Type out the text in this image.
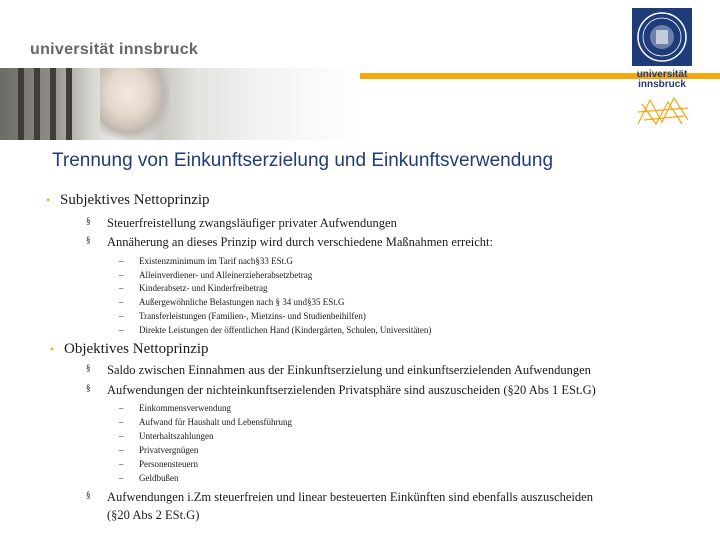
universität innsbruck
universität
innsbruck
Trennung von Einkunftserzielung und Einkunftsverwendung
• Subjektives Nettoprinzip
§ Steuerfreistellung zwangsläufiger privater Aufwendungen
§ Annäherung an dieses Prinzip wird durch verschiedene Maßnahmen erreicht:
– Existenzminimum im Tarif nach§33 ESt.G
– Alleinverdiener- und Alleinerzieherabsetzbetrag
– Kinderabsetz- und Kinderfreibetrag
– Außergewöhnliche Belastungen nach § 34 und§35 ESt.G
– Transferleistungen (Familien-, Mietzins- und Studienbeihilfen)
– Direkte Leistungen der öffentlichen Hand (Kindergärten, Schulen, Universitäten)
• Objektives Nettoprinzip
§ Saldo zwischen Einnahmen aus der Einkunftserzielung und einkunftserzielenden Aufwendungen
§ Aufwendungen der nichteinkunftserzielenden Privatsphäre sind auszuscheiden (§20 Abs 1 ESt.G)
– Einkommensverwendung
– Aufwand für Haushalt und Lebensführung
– Unterhaltszahlungen
– Privatvergnügen
– Personensteuern
– Geldbußen
§ Aufwendungen i.Zm steuerfreien und linear besteuerten Einkünften sind ebenfalls auszuscheiden
(§20 Abs 2 ESt.G)
